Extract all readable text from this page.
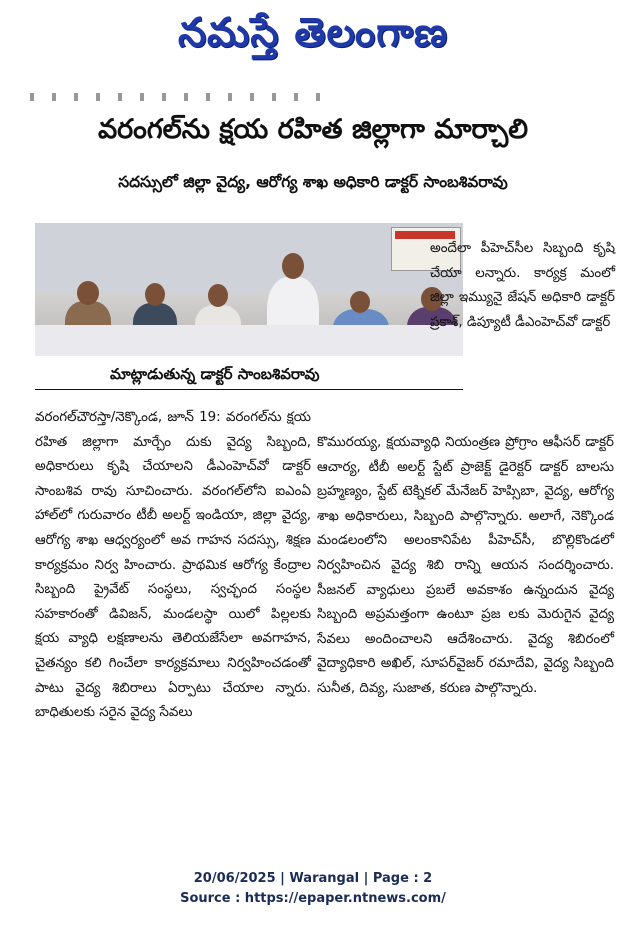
నమస్తే తెలంగాణ
వరంగల్‌ను క్షయ రహిత జిల్లాగా మార్చాలి
సదస్సులో జిల్లా వైద్య, ఆరోగ్య శాఖ అధికారి డాక్టర్ సాంబశివరావు

అందేలా పీహెచ్‌సీల సిబ్బంది కృషి చేయా లన్నారు. కార్యక్ర మంలో జిల్లా ఇమ్యునై జేషన్ అధికారి డాక్టర్ ప్రకాశ్, డిప్యూటీ డీఎంహెచ్‌వో డాక్టర్

మాట్లాడుతున్న డాక్టర్ సాంబశివరావు

వరంగల్‌చౌరస్తా/నెక్కొండ, జూన్ 19: వరంగల్‌ను క్షయ రహిత జిల్లాగా మార్చేం దుకు వైద్య సిబ్బంది, అధికారులు కృషి చేయాలని డీఎంహెచ్‌వో డాక్టర్ సాంబశివ రావు సూచించారు. వరంగల్‌లోని ఐఎంఏ హాల్‌లో గురువారం టీబీ అలర్ట్ ఇండియా, జిల్లా వైద్య, ఆరోగ్య శాఖ ఆధ్వర్యంలో అవ గాహన సదస్సు, శిక్షణ కార్యక్రమం నిర్వ హించారు. ప్రాథమిక ఆరోగ్య కేంద్రాల సిబ్బంది ప్రైవేట్ సంస్థలు, స్వచ్ఛంద సంస్థల సహకారంతో డివిజన్, మండలస్థా యిలో పిల్లలకు క్షయ వ్యాధి లక్షణాలను తెలియజేసేలా అవగాహన, చైతన్యం కలి గించేలా కార్యక్రమాలు నిర్వహించడంతో పాటు వైద్య శిబిరాలు ఏర్పాటు చేయాల న్నారు. బాధితులకు సరైన వైద్య సేవలు

కొమురయ్య, క్షయవ్యాధి నియంత్రణ ప్రోగ్రాం ఆఫీసర్ డాక్టర్ ఆచార్య, టీబీ అలర్ట్ స్టేట్ ప్రాజెక్ట్ డైరెక్టర్ డాక్టర్ బాలసు బ్రహ్మణ్యం, స్టేట్ టెక్నికల్ మేనేజర్ హెప్సిబా, వైద్య, ఆరోగ్య శాఖ అధికారులు, సిబ్బంది పాల్గొన్నారు. అలాగే, నెక్కొండ మండలంలోని అలంకానిపేట పీహెచ్‌సీ, బొల్లికొండలో నిర్వహించిన వైద్య శిబి రాన్ని ఆయన సందర్శించారు. సీజనల్ వ్యాధులు ప్రబలే అవకాశం ఉన్నందున వైద్య సిబ్బంది అప్రమత్తంగా ఉంటూ ప్రజ లకు మెరుగైన వైద్య సేవలు అందించాలని ఆదేశించారు. వైద్య శిబిరంలో వైద్యాధికారి అఖిల్, సూపర్‌వైజర్ రమాదేవి, వైద్య సిబ్బంది సునీత, దివ్య, సుజాత, కరుణ పాల్గొన్నారు.

20/06/2025 | Warangal | Page : 2
Source : https://epaper.ntnews.com/
